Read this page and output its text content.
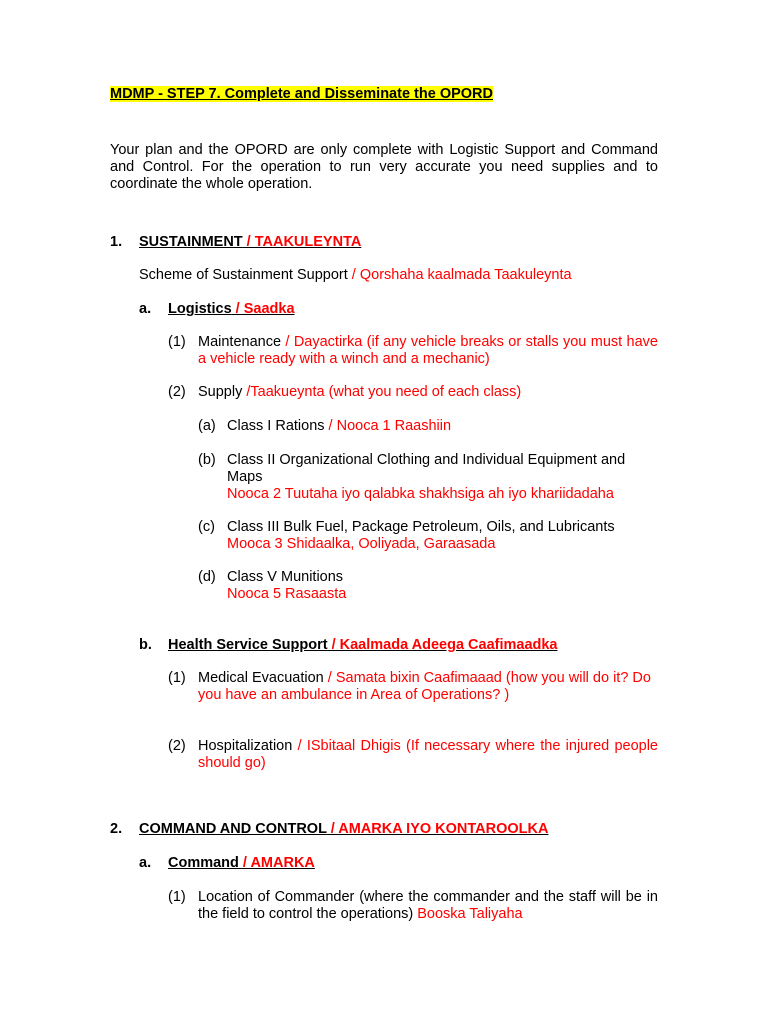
MDMP - STEP 7. Complete and Disseminate the OPORD
Your plan and the OPORD are only complete with Logistic Support and Command and Control. For the operation to run very accurate you need supplies and to coordinate the whole operation.
1. SUSTAINMENT / TAAKULEYNTA
Scheme of Sustainment Support / Qorshaha kaalmada Taakuleynta
a. Logistics / Saadka
(1) Maintenance / Dayactirka (if any vehicle breaks or stalls you must have a vehicle ready with a winch and a mechanic)
(2) Supply /Taakueynta (what you need of each class)
(a) Class I Rations / Nooca 1 Raashiin
(b) Class II Organizational Clothing and Individual Equipment and Maps
Nooca 2 Tuutaha iyo qalabka shakhsiga ah iyo khariidadaha
(c) Class III Bulk Fuel, Package Petroleum, Oils, and Lubricants
Mooca 3 Shidaalka, Ooliyada, Garaasada
(d) Class V Munitions
Nooca 5 Rasaasta
b. Health Service Support / Kaalmada Adeega Caafimaadka
(1) Medical Evacuation / Samata bixin Caafimaaad (how you will do it? Do you have an ambulance in Area of Operations? )
(2) Hospitalization / ISbitaal Dhigis (If necessary where the injured people should go)
2. COMMAND AND CONTROL / AMARKA IYO KONTAROOLKA
a. Command / AMARKA
(1) Location of Commander (where the commander and the staff will be in the field to control the operations) Booska Taliyaha
